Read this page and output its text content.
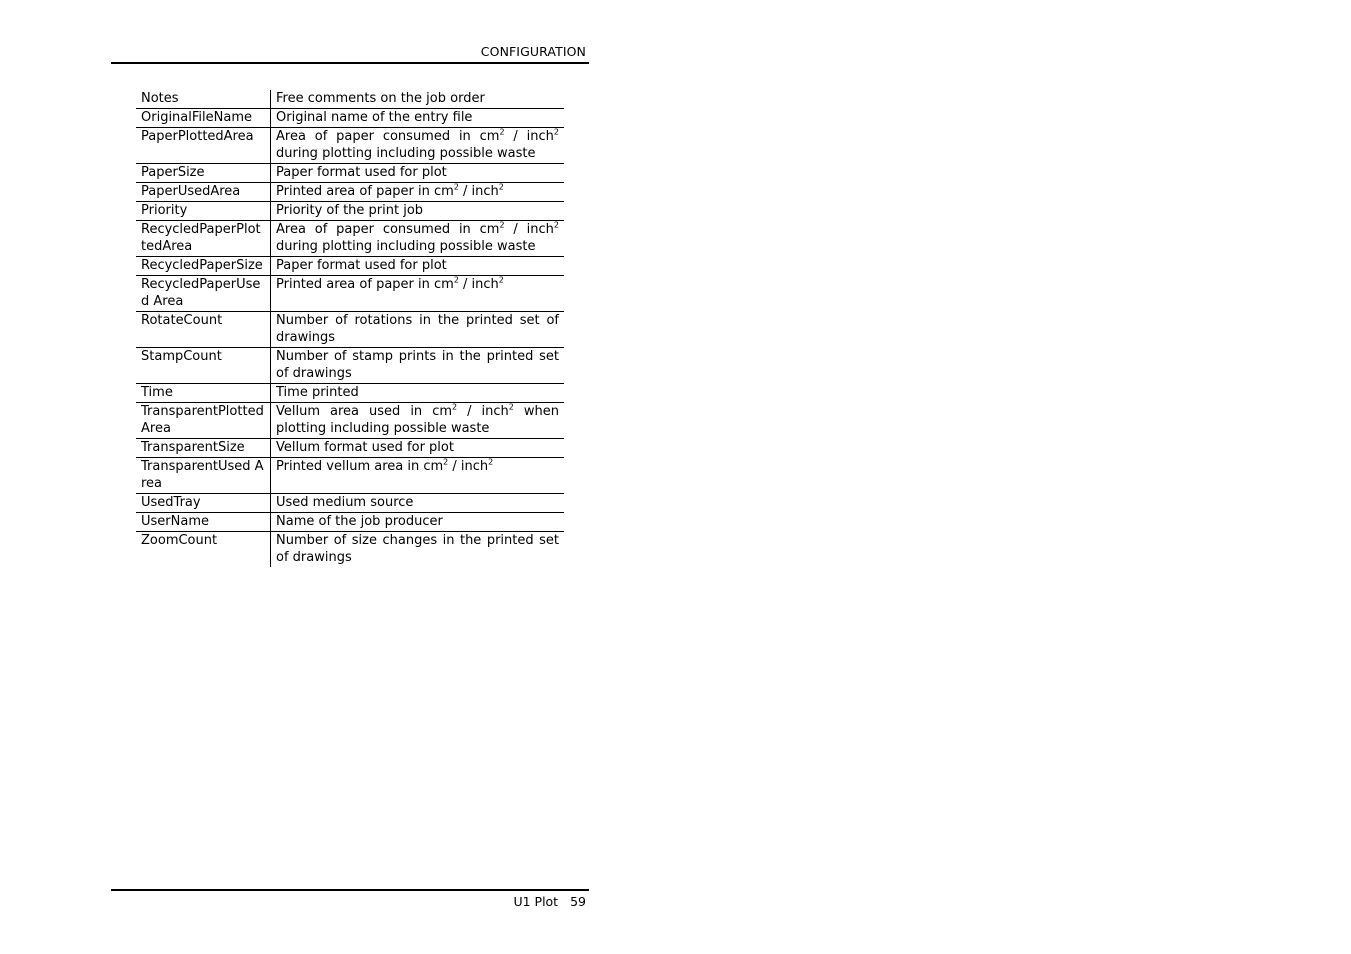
CONFIGURATION
Notes	Free comments on the job order
OriginalFileName	Original name of the entry file
PaperPlottedArea	Area of paper consumed in $cm^2$ / inch$^2$ during plotting including possible waste
PaperSize	Paper format used for plot
PaperUsedArea	Printed area of paper in $cm^2$ / inch$^2$
Priority	Priority of the print job
RecycledPaperPlottedArea	Area of paper consumed in $cm^2$ / inch$^2$ during plotting including possible waste
RecycledPaperSize	Paper format used for plot
RecycledPaperUsed Area	Printed area of paper in $cm^2$ / inch$^2$
RotateCount	Number of rotations in the printed set of drawings
StampCount	Number of stamp prints in the printed set of drawings
Time	Time printed
TransparentPlotted Area	Vellum area used in $cm^2$ / inch$^2$ when plotting including possible waste
TransparentSize	Vellum format used for plot
TransparentUsed Area	Printed vellum area in $cm^2$ / inch$^2$
UsedTray	Used medium source
UserName	Name of the job producer
ZoomCount	Number of size changes in the printed set of drawings
U1 Plot 59
